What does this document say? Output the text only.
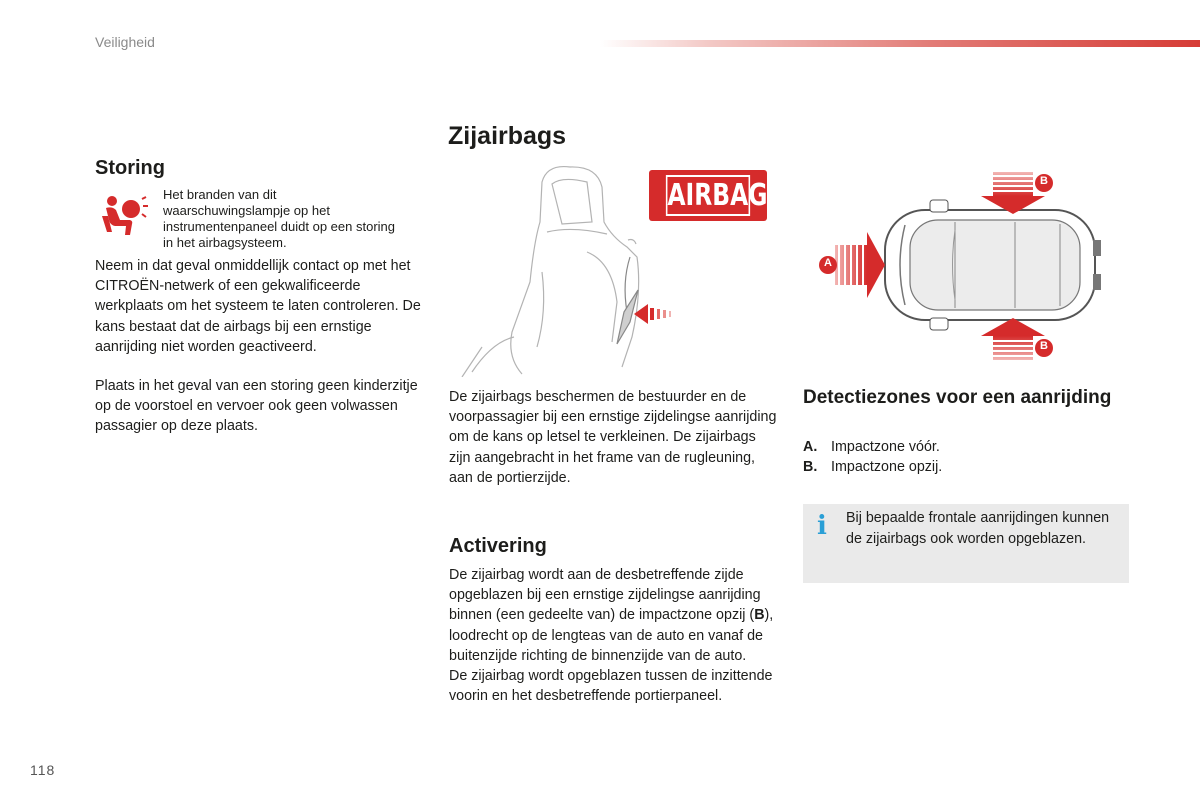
Veiligheid
Storing
Het branden van dit waarschuwingslampje op het instrumentenpaneel duidt op een storing in het airbagsysteem.
Neem in dat geval onmiddellijk contact op met het CITROËN-netwerk of een gekwalificeerde werkplaats om het systeem te laten controleren. De kans bestaat dat de airbags bij een ernstige aanrijding niet worden geactiveerd.
Plaats in het geval van een storing geen kinderzitje op de voorstoel en vervoer ook geen volwassen passagier op deze plaats.
Zijairbags
AIRBAG
De zijairbags beschermen de bestuurder en de voorpassagier bij een ernstige zijdelingse aanrijding om de kans op letsel te verkleinen. De zijairbags zijn aangebracht in het frame van de rugleuning, aan de portierzijde.
Activering
De zijairbag wordt aan de desbetreffende zijde opgeblazen bij een ernstige zijdelingse aanrijding binnen (een gedeelte van) de impactzone opzij (B), loodrecht op de lengteas van de auto en vanaf de buitenzijde richting de binnenzijde van de auto.
De zijairbag wordt opgeblazen tussen de inzittende voorin en het desbetreffende portierpaneel.
A
B
B
Detectiezones voor een aanrijding
A. Impactzone vóór.
B. Impactzone opzij.
i Bij bepaalde frontale aanrijdingen kunnen de zijairbags ook worden opgeblazen.
118
